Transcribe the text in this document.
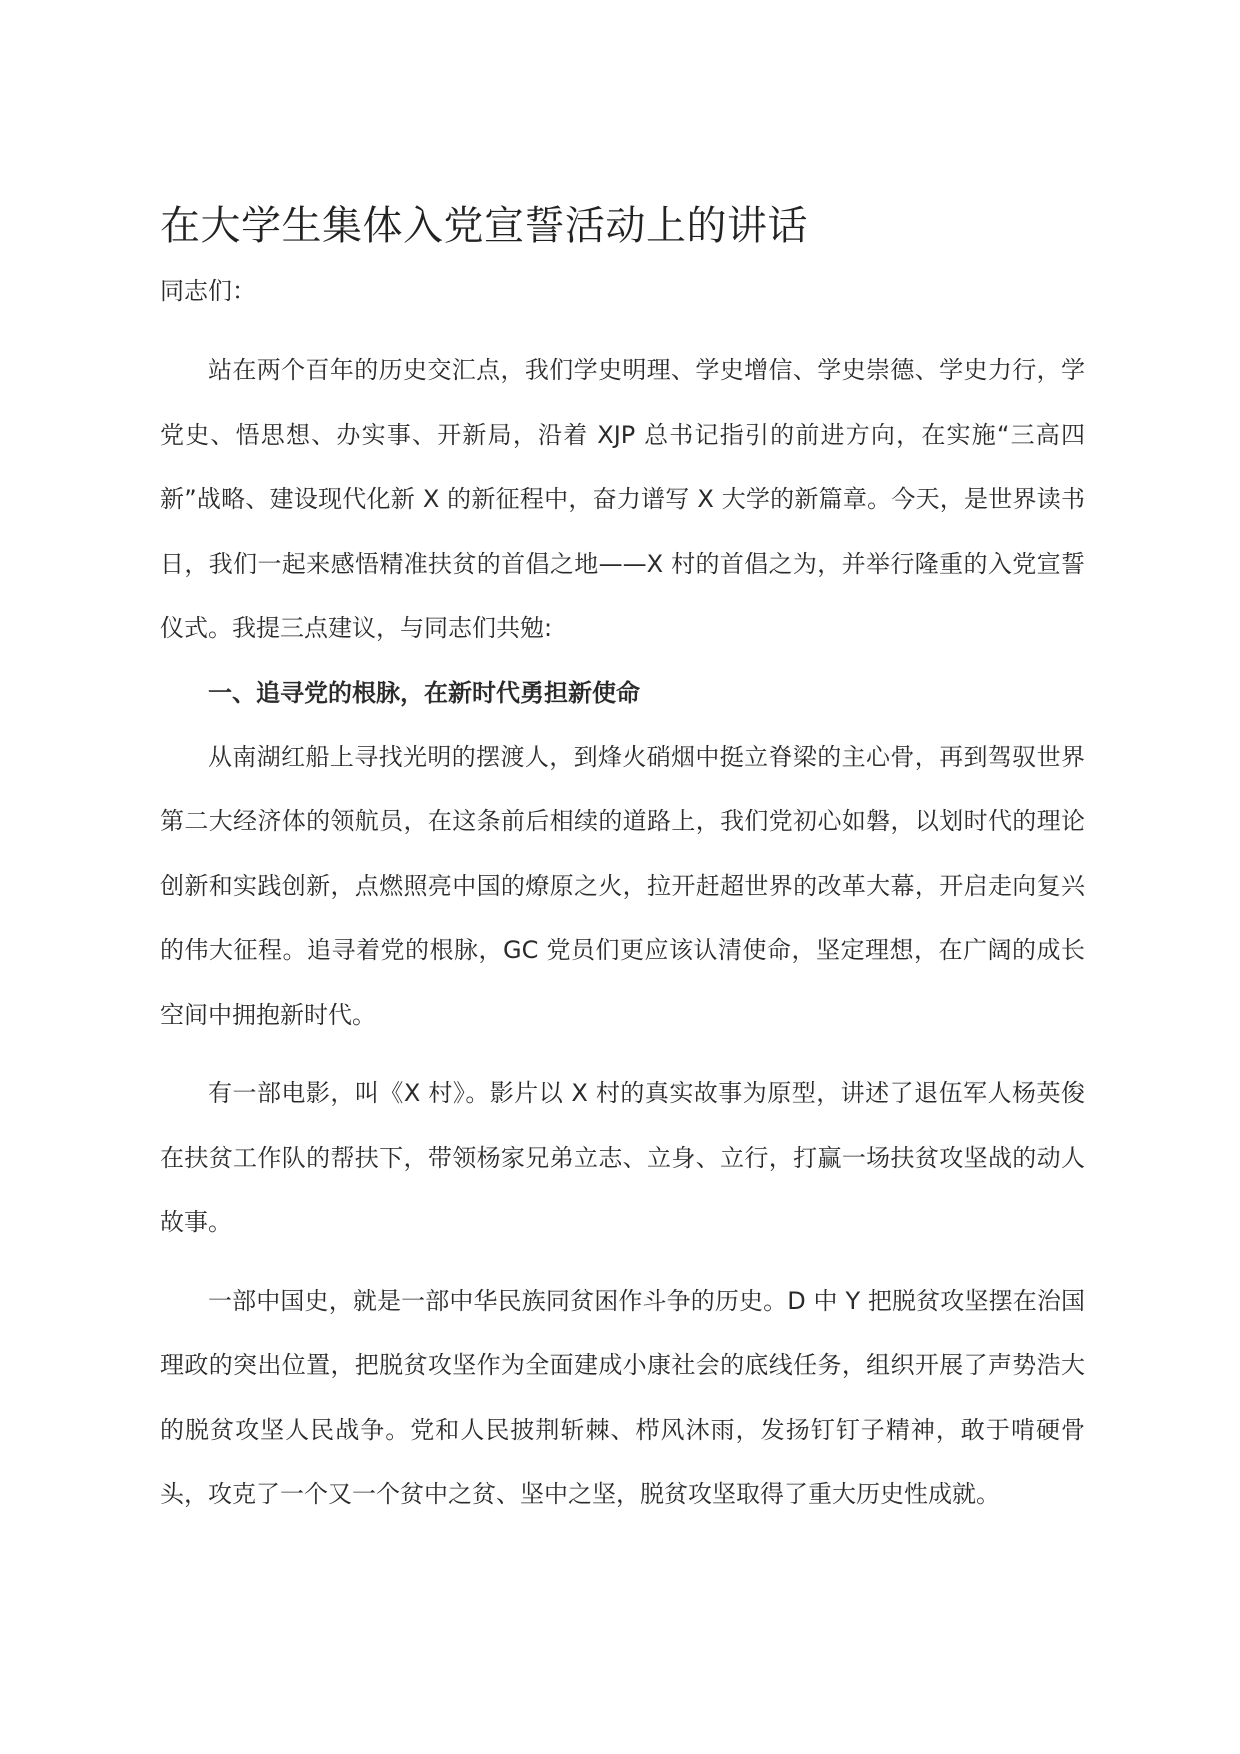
在大学生集体入党宣誓活动上的讲话

同志们：

站在两个百年的历史交汇点，我们学史明理、学史增信、学史崇德、学史力行，学党史、悟思想、办实事、开新局，沿着 XJP 总书记指引的前进方向，在实施“三高四新”战略、建设现代化新 X 的新征程中，奋力谱写 X 大学的新篇章。今天，是世界读书日，我们一起来感悟精准扶贫的首倡之地——X 村的首倡之为，并举行隆重的入党宣誓仪式。我提三点建议，与同志们共勉:

一、追寻党的根脉，在新时代勇担新使命

从南湖红船上寻找光明的摆渡人，到烽火硝烟中挺立脊梁的主心骨，再到驾驭世界第二大经济体的领航员，在这条前后相续的道路上，我们党初心如磐，以划时代的理论创新和实践创新，点燃照亮中国的燎原之火，拉开赶超世界的改革大幕，开启走向复兴的伟大征程。追寻着党的根脉，GC 党员们更应该认清使命，坚定理想，在广阔的成长空间中拥抱新时代。

有一部电影，叫《X 村》。影片以 X 村的真实故事为原型，讲述了退伍军人杨英俊在扶贫工作队的帮扶下，带领杨家兄弟立志、立身、立行，打赢一场扶贫攻坚战的动人故事。

一部中国史，就是一部中华民族同贫困作斗争的历史。D 中 Y 把脱贫攻坚摆在治国理政的突出位置，把脱贫攻坚作为全面建成小康社会的底线任务，组织开展了声势浩大的脱贫攻坚人民战争。党和人民披荆斩棘、栉风沐雨，发扬钉钉子精神，敢于啃硬骨头，攻克了一个又一个贫中之贫、坚中之坚，脱贫攻坚取得了重大历史性成就。
